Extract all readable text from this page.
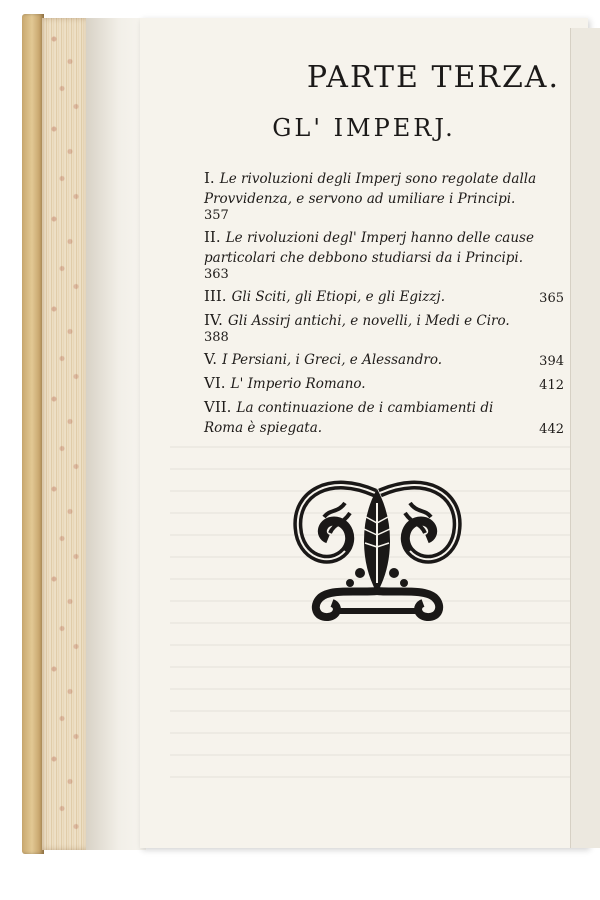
PARTE TERZA.
GL' IMPERJ.
I. Le rivoluzioni degli Imperj sono regolate dalla Provvidenza, e servono ad umiliare i Principi.
357
II. Le rivoluzioni degl' Imperj hanno delle cause particolari che debbono studiarsi da i Principi.
363
III. Gli Sciti, gli Etiopi, e gli Egizzj.	365
IV. Gli Assirj antichi, e novelli, i Medi e Ciro.
388
V. I Persiani, i Greci, e Alessandro.	394
VI. L' Imperio Romano.	412
VII. La continuazione de i cambiamenti di Roma è spiegata.	442
